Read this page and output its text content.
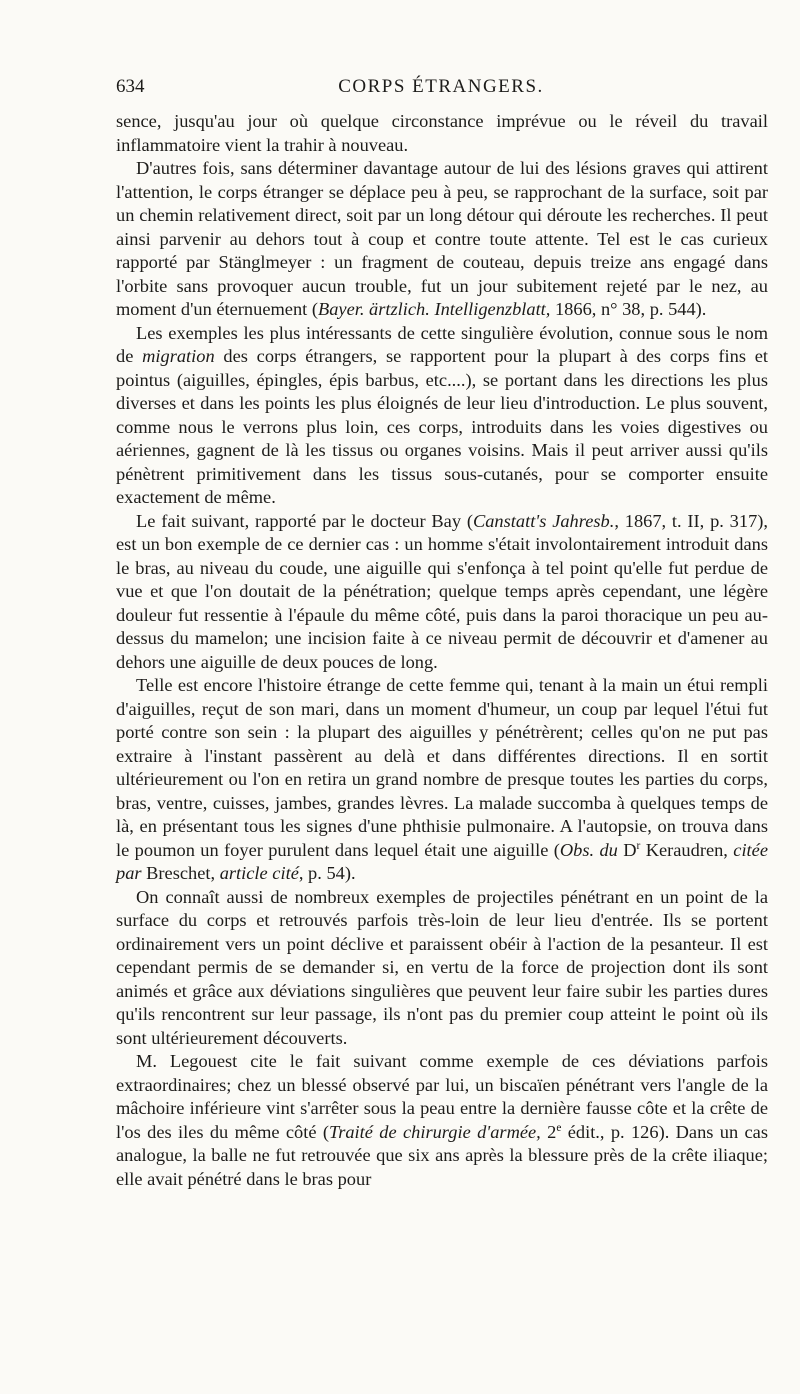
634	CORPS ÉTRANGERS.

sence, jusqu'au jour où quelque circonstance imprévue ou le réveil du travail inflammatoire vient la trahir à nouveau.

D'autres fois, sans déterminer davantage autour de lui des lésions graves qui attirent l'attention, le corps étranger se déplace peu à peu, se rapprochant de la surface, soit par un chemin relativement direct, soit par un long détour qui déroute les recherches. Il peut ainsi parvenir au dehors tout à coup et contre toute attente. Tel est le cas curieux rapporté par Stänglmeyer : un fragment de couteau, depuis treize ans engagé dans l'orbite sans provoquer aucun trouble, fut un jour subitement rejeté par le nez, au moment d'un éternuement (Bayer. ärtzlich. Intelligenzblatt, 1866, n° 38, p. 544).

Les exemples les plus intéressants de cette singulière évolution, connue sous le nom de migration des corps étrangers, se rapportent pour la plupart à des corps fins et pointus (aiguilles, épingles, épis barbus, etc....), se portant dans les directions les plus diverses et dans les points les plus éloignés de leur lieu d'introduction. Le plus souvent, comme nous le verrons plus loin, ces corps, introduits dans les voies digestives ou aériennes, gagnent de là les tissus ou organes voisins. Mais il peut arriver aussi qu'ils pénètrent primitivement dans les tissus sous-cutanés, pour se comporter ensuite exactement de même.

Le fait suivant, rapporté par le docteur Bay (Canstatt's Jahresb., 1867, t. II, p. 317), est un bon exemple de ce dernier cas : un homme s'était involontairement introduit dans le bras, au niveau du coude, une aiguille qui s'enfonça à tel point qu'elle fut perdue de vue et que l'on doutait de la pénétration; quelque temps après cependant, une légère douleur fut ressentie à l'épaule du même côté, puis dans la paroi thoracique un peu au-dessus du mamelon; une incision faite à ce niveau permit de découvrir et d'amener au dehors une aiguille de deux pouces de long.

Telle est encore l'histoire étrange de cette femme qui, tenant à la main un étui rempli d'aiguilles, reçut de son mari, dans un moment d'humeur, un coup par lequel l'étui fut porté contre son sein : la plupart des aiguilles y pénétrèrent; celles qu'on ne put pas extraire à l'instant passèrent au delà et dans différentes directions. Il en sortit ultérieurement ou l'on en retira un grand nombre de presque toutes les parties du corps, bras, ventre, cuisses, jambes, grandes lèvres. La malade succomba à quelques temps de là, en présentant tous les signes d'une phthisie pulmonaire. A l'autopsie, on trouva dans le poumon un foyer purulent dans lequel était une aiguille (Obs. du $D^r$ Keraudren, citée par Breschet, article cité, p. 54).

On connaît aussi de nombreux exemples de projectiles pénétrant en un point de la surface du corps et retrouvés parfois très-loin de leur lieu d'entrée. Ils se portent ordinairement vers un point déclive et paraissent obéir à l'action de la pesanteur. Il est cependant permis de se demander si, en vertu de la force de projection dont ils sont animés et grâce aux déviations singulières que peuvent leur faire subir les parties dures qu'ils rencontrent sur leur passage, ils n'ont pas du premier coup atteint le point où ils sont ultérieurement découverts.

M. Legouest cite le fait suivant comme exemple de ces déviations parfois extraordinaires; chez un blessé observé par lui, un biscaïen pénétrant vers l'angle de la mâchoire inférieure vint s'arrêter sous la peau entre la dernière fausse côte et la crête de l'os des iles du même côté (Traité de chirurgie d'armée, 2e édit., p. 126). Dans un cas analogue, la balle ne fut retrouvée que six ans après la blessure près de la crête iliaque; elle avait pénétré dans le bras pour
